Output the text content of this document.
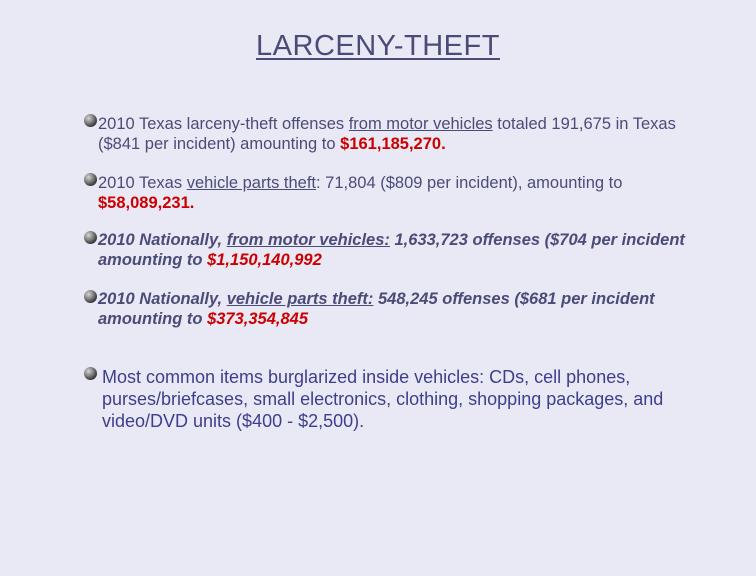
LARCENY-THEFT
2010 Texas larceny-theft offenses from motor vehicles totaled 191,675 in Texas ($841 per incident) amounting to $161,185,270.
2010 Texas vehicle parts theft: 71,804 ($809 per incident), amounting to $58,089,231.
2010 Nationally, from motor vehicles: 1,633,723 offenses ($704 per incident amounting to $1,150,140,992
2010 Nationally, vehicle parts theft: 548,245 offenses ($681 per incident amounting to $373,354,845
Most common items burglarized inside vehicles: CDs, cell phones, purses/briefcases, small electronics, clothing, shopping packages, and video/DVD units ($400 - $2,500).
